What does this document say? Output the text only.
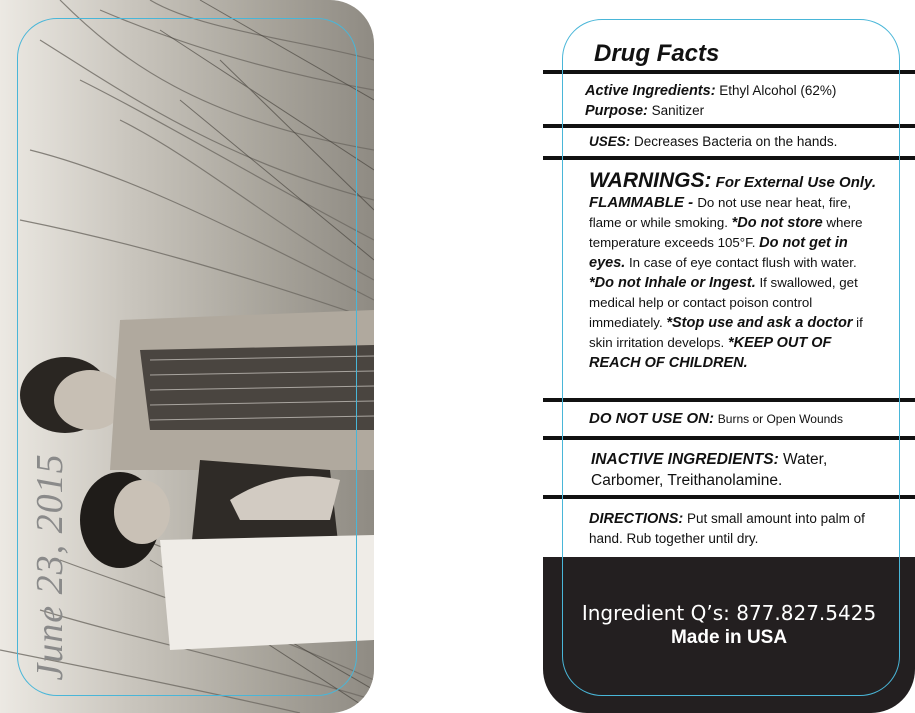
June 23, 2015
Drug Facts
Active Ingredients: Ethyl Alcohol (62%)
Purpose: Sanitizer
USES: Decreases Bacteria on the hands.
WARNINGS: For External Use Only. FLAMMABLE - Do not use near heat, fire, flame or while smoking. *Do not store where temperature exceeds 105°F. Do not get in eyes. In case of eye contact flush with water. *Do not Inhale or Ingest. If swallowed, get medical help or contact poison control immediately. *Stop use and ask a doctor if skin irritation develops. *KEEP OUT OF REACH OF CHILDREN.
DO NOT USE ON: Burns or Open Wounds
INACTIVE INGREDIENTS: Water, Carbomer, Treithanolamine.
DIRECTIONS: Put small amount into palm of hand. Rub together until dry.
Ingredient Q’s: 877.827.5425
Made in USA
